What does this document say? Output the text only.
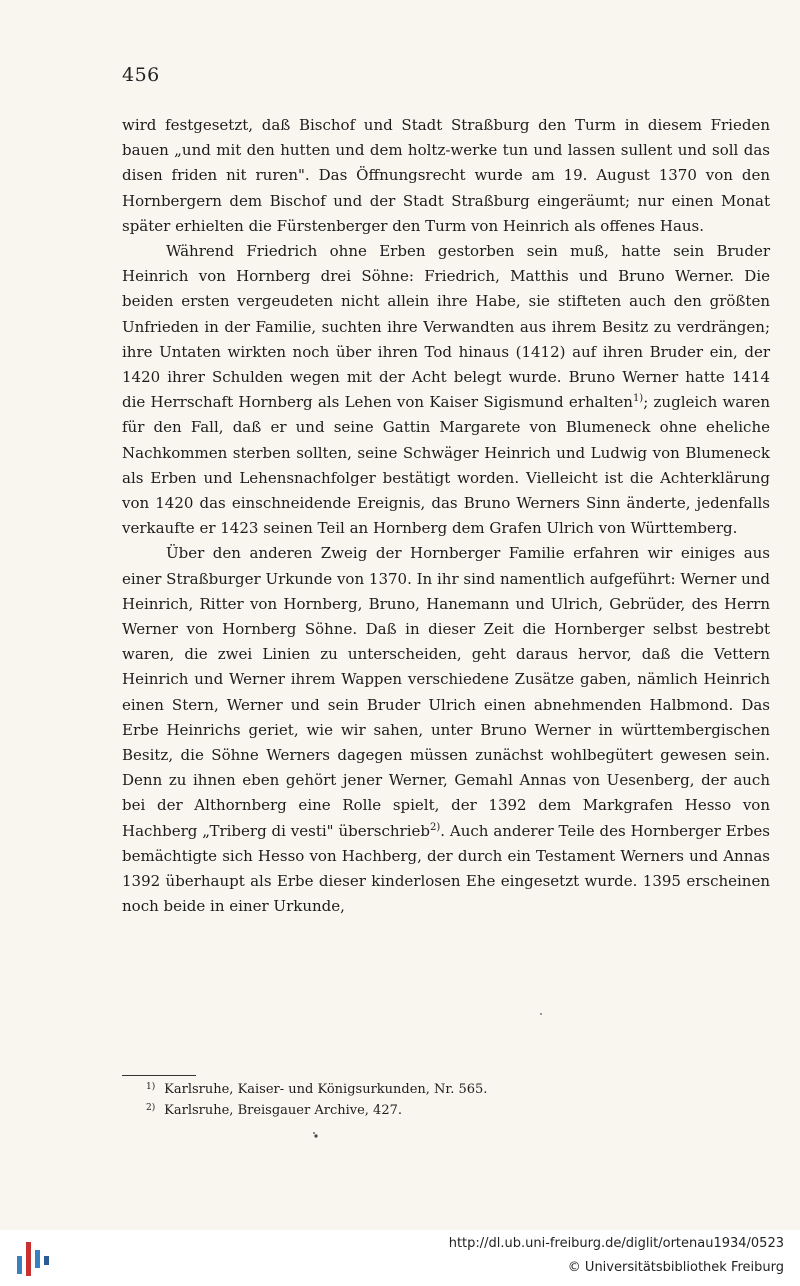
456

wird festgesetzt, daß Bischof und Stadt Straßburg den Turm in diesem Frieden bauen „und mit den hutten und dem holtz-werke tun und lassen sullent und soll das disen friden nit ruren". Das Öffnungsrecht wurde am 19. August 1370 von den Hornbergern dem Bischof und der Stadt Straßburg eingeräumt; nur einen Monat später erhielten die Fürstenberger den Turm von Heinrich als offenes Haus.

Während Friedrich ohne Erben gestorben sein muß, hatte sein Bruder Heinrich von Hornberg drei Söhne: Friedrich, Matthis und Bruno Werner. Die beiden ersten vergeudeten nicht allein ihre Habe, sie stifteten auch den größten Unfrieden in der Familie, suchten ihre Verwandten aus ihrem Besitz zu verdrängen; ihre Untaten wirkten noch über ihren Tod hinaus (1412) auf ihren Bruder ein, der 1420 ihrer Schulden wegen mit der Acht belegt wurde. Bruno Werner hatte 1414 die Herrschaft Hornberg als Lehen von Kaiser Sigismund erhalten$^{1)}$; zugleich waren für den Fall, daß er und seine Gattin Margarete von Blumeneck ohne eheliche Nachkommen sterben sollten, seine Schwäger Heinrich und Ludwig von Blumeneck als Erben und Lehensnachfolger bestätigt worden. Vielleicht ist die Achterklärung von 1420 das einschneidende Ereignis, das Bruno Werners Sinn änderte, jedenfalls verkaufte er 1423 seinen Teil an Hornberg dem Grafen Ulrich von Württemberg.

Über den anderen Zweig der Hornberger Familie erfahren wir einiges aus einer Straßburger Urkunde von 1370. In ihr sind namentlich aufgeführt: Werner und Heinrich, Ritter von Hornberg, Bruno, Hanemann und Ulrich, Gebrüder, des Herrn Werner von Hornberg Söhne. Daß in dieser Zeit die Hornberger selbst bestrebt waren, die zwei Linien zu unterscheiden, geht daraus hervor, daß die Vettern Heinrich und Werner ihrem Wappen verschiedene Zusätze gaben, nämlich Heinrich einen Stern, Werner und sein Bruder Ulrich einen abnehmenden Halbmond. Das Erbe Heinrichs geriet, wie wir sahen, unter Bruno Werner in württembergischen Besitz, die Söhne Werners dagegen müssen zunächst wohlbegütert gewesen sein. Denn zu ihnen eben gehört jener Werner, Gemahl Annas von Uesenberg, der auch bei der Althornberg eine Rolle spielt, der 1392 dem Markgrafen Hesso von Hachberg „Triberg di vesti" überschrieb$^{2)}$. Auch anderer Teile des Hornberger Erbes bemächtigte sich Hesso von Hachberg, der durch ein Testament Werners und Annas 1392 überhaupt als Erbe dieser kinderlosen Ehe eingesetzt wurde. 1395 erscheinen noch beide in einer Urkunde,

1) Karlsruhe, Kaiser- und Königsurkunden, Nr. 565.
2) Karlsruhe, Breisgauer Archive, 427.
http://dl.ub.uni-freiburg.de/diglit/ortenau1934/0523
© Universitätsbibliothek Freiburg
